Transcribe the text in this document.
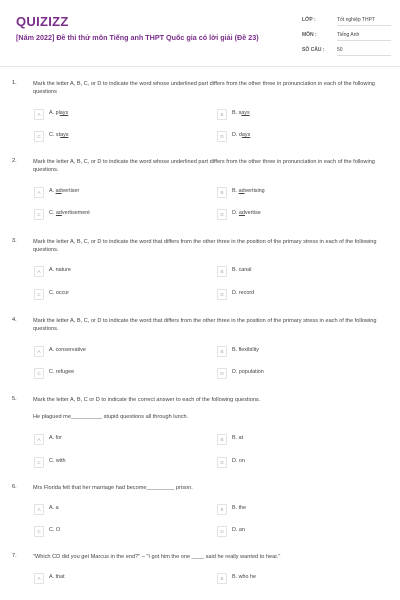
QUIZIZZ
[Năm 2022] Đề thi thử môn Tiếng anh THPT Quốc gia có lời giải (Đề 23)
LỚP :	Tốt nghiệp THPT
MÔN :	Tiếng Anh
SỐ CÂU :	50
1.	Mark the letter A, B, C, or D to indicate the word whose underlined part differs from the other three in pronunciation in each of the following questions
A	A. plays	B	B. says
C	C. stays	D	D. days
2.	Mark the letter A, B, C, or D to indicate the word whose underlined part differs from the other three in pronunciation in each of the following questions.
A	A. advertiser	B	B. advertising
C	C. advertisement	D	D. advertise
3.	Mark the letter A, B, C, or D to indicate the word that differs from the other three in the position of the primary stress in each of the following questions.
A	A. nature	B	B. canal
C	C. occur	D	D. record
4.	Mark the letter A, B, C, or D to indicate the word that differs from the other three in the position of the primary stress in each of the following questions.
A	A. conservative	B	B. flexibility
C	C. refugee	D	D. population
5.	Mark the letter A, B, C or D to indicate the correct answer to each of the following questions.
He plagued me__________ stupid questions all through lunch.
A	A. for	B	B. at
C	C. with	D	D. on
6.	Mrs Florida felt that her marriage had become_________ prison.
A	A. a	B	B. the
C	C. O	D	D. an
7.	"Which CD did you get Marcus in the end?" – "I got him the one ____ said he really wanted to hear."
A	A. that	B	B. who he
